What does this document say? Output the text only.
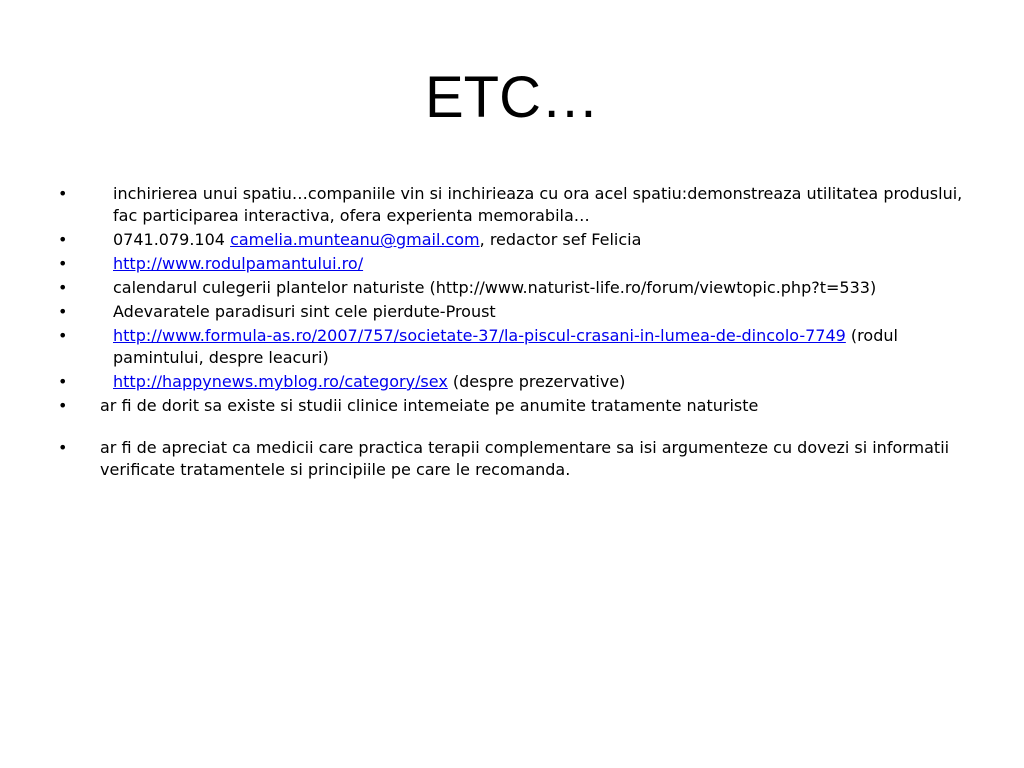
ETC…
•	inchirierea unui spatiu…companiile vin si inchirieaza cu ora acel spatiu:demonstreaza utilitatea produslui, fac participarea interactiva, ofera experienta memorabila…
•	0741.079.104 camelia.munteanu@gmail.com, redactor sef Felicia
•	http://www.rodulpamantului.ro/
•	calendarul culegerii plantelor naturiste (http://www.naturist-life.ro/forum/viewtopic.php?t=533)
•	Adevaratele paradisuri sint cele pierdute-Proust
•	http://www.formula-as.ro/2007/757/societate-37/la-piscul-crasani-in-lumea-de-dincolo-7749 (rodul pamintului, despre leacuri)
•	http://happynews.myblog.ro/category/sex (despre prezervative)
• ar fi de dorit sa existe si studii clinice intemeiate pe anumite tratamente naturiste
• ar fi de apreciat ca medicii care practica terapii complementare sa isi argumenteze cu dovezi si informatii verificate tratamentele si principiile pe care le recomanda.
